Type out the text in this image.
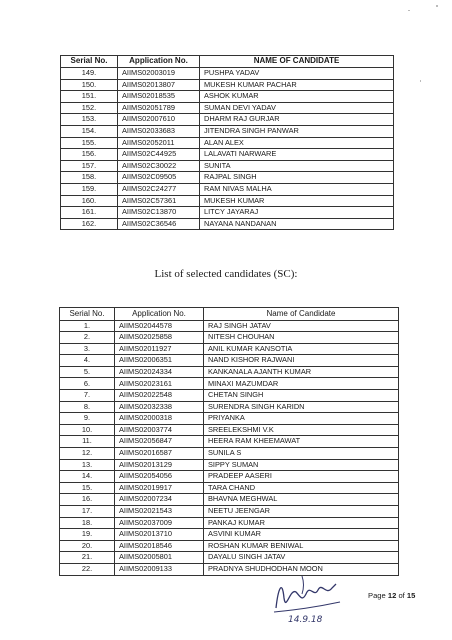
Serial No.	Application No.	NAME OF CANDIDATE
149.	AIIMS02003019	PUSHPA YADAV
150.	AIIMS02013807	MUKESH KUMAR PACHAR
151.	AIIMS02018535	ASHOK KUMAR
152.	AIIMS02051789	SUMAN DEVI YADAV
153.	AIIMS02007610	DHARM RAJ GURJAR
154.	AIIMS02033683	JITENDRA SINGH PANWAR
155.	AIIMS02052011	ALAN ALEX
156.	AIIMS02C44925	LALAVATI NARWARE
157.	AIIMS02C30022	SUNITA
158.	AIIMS02C09505	RAJPAL SINGH
159.	AIIMS02C24277	RAM NIVAS MALHA
160.	AIIMS02C57361	MUKESH KUMAR
161.	AIIMS02C13870	LITCY JAYARAJ
162.	AIIMS02C36546	NAYANA NANDANAN
List of selected candidates (SC):
Serial No.	Application No.	Name of Candidate
1.	AIIMS02044578	RAJ SINGH JATAV
2.	AIIMS02025858	NITESH CHOUHAN
3.	AIIMS02011927	ANIL KUMAR KANSOTIA
4.	AIIMS02006351	NAND KISHOR RAJWANI
5.	AIIMS02024334	KANKANALA AJANTH KUMAR
6.	AIIMS02023161	MINAXI MAZUMDAR
7.	AIIMS02022548	CHETAN SINGH
8.	AIIMS02032338	SURENDRA SINGH KARIDN
9.	AIIMS02000318	PRIYANKA
10.	AIIMS02003774	SREELEKSHMI V.K
11.	AIIMS02056847	HEERA RAM KHEEMAWAT
12.	AIIMS02016587	SUNILA S
13.	AIIMS02013129	SIPPY SUMAN
14.	AIIMS02054056	PRADEEP AASERI
15.	AIIMS02019917	TARA CHAND
16.	AIIMS02007234	BHAVNA MEGHWAL
17.	AIIMS02021543	NEETU JEENGAR
18.	AIIMS02037009	PANKAJ KUMAR
19.	AIIMS02013710	ASVINI KUMAR
20.	AIIMS02018546	ROSHAN KUMAR BENIWAL
21.	AIIMS02005801	DAYALU SINGH JATAV
22.	AIIMS02009133	PRADNYA SHUDHODHAN MOON
14.9.18
Page 12 of 15
